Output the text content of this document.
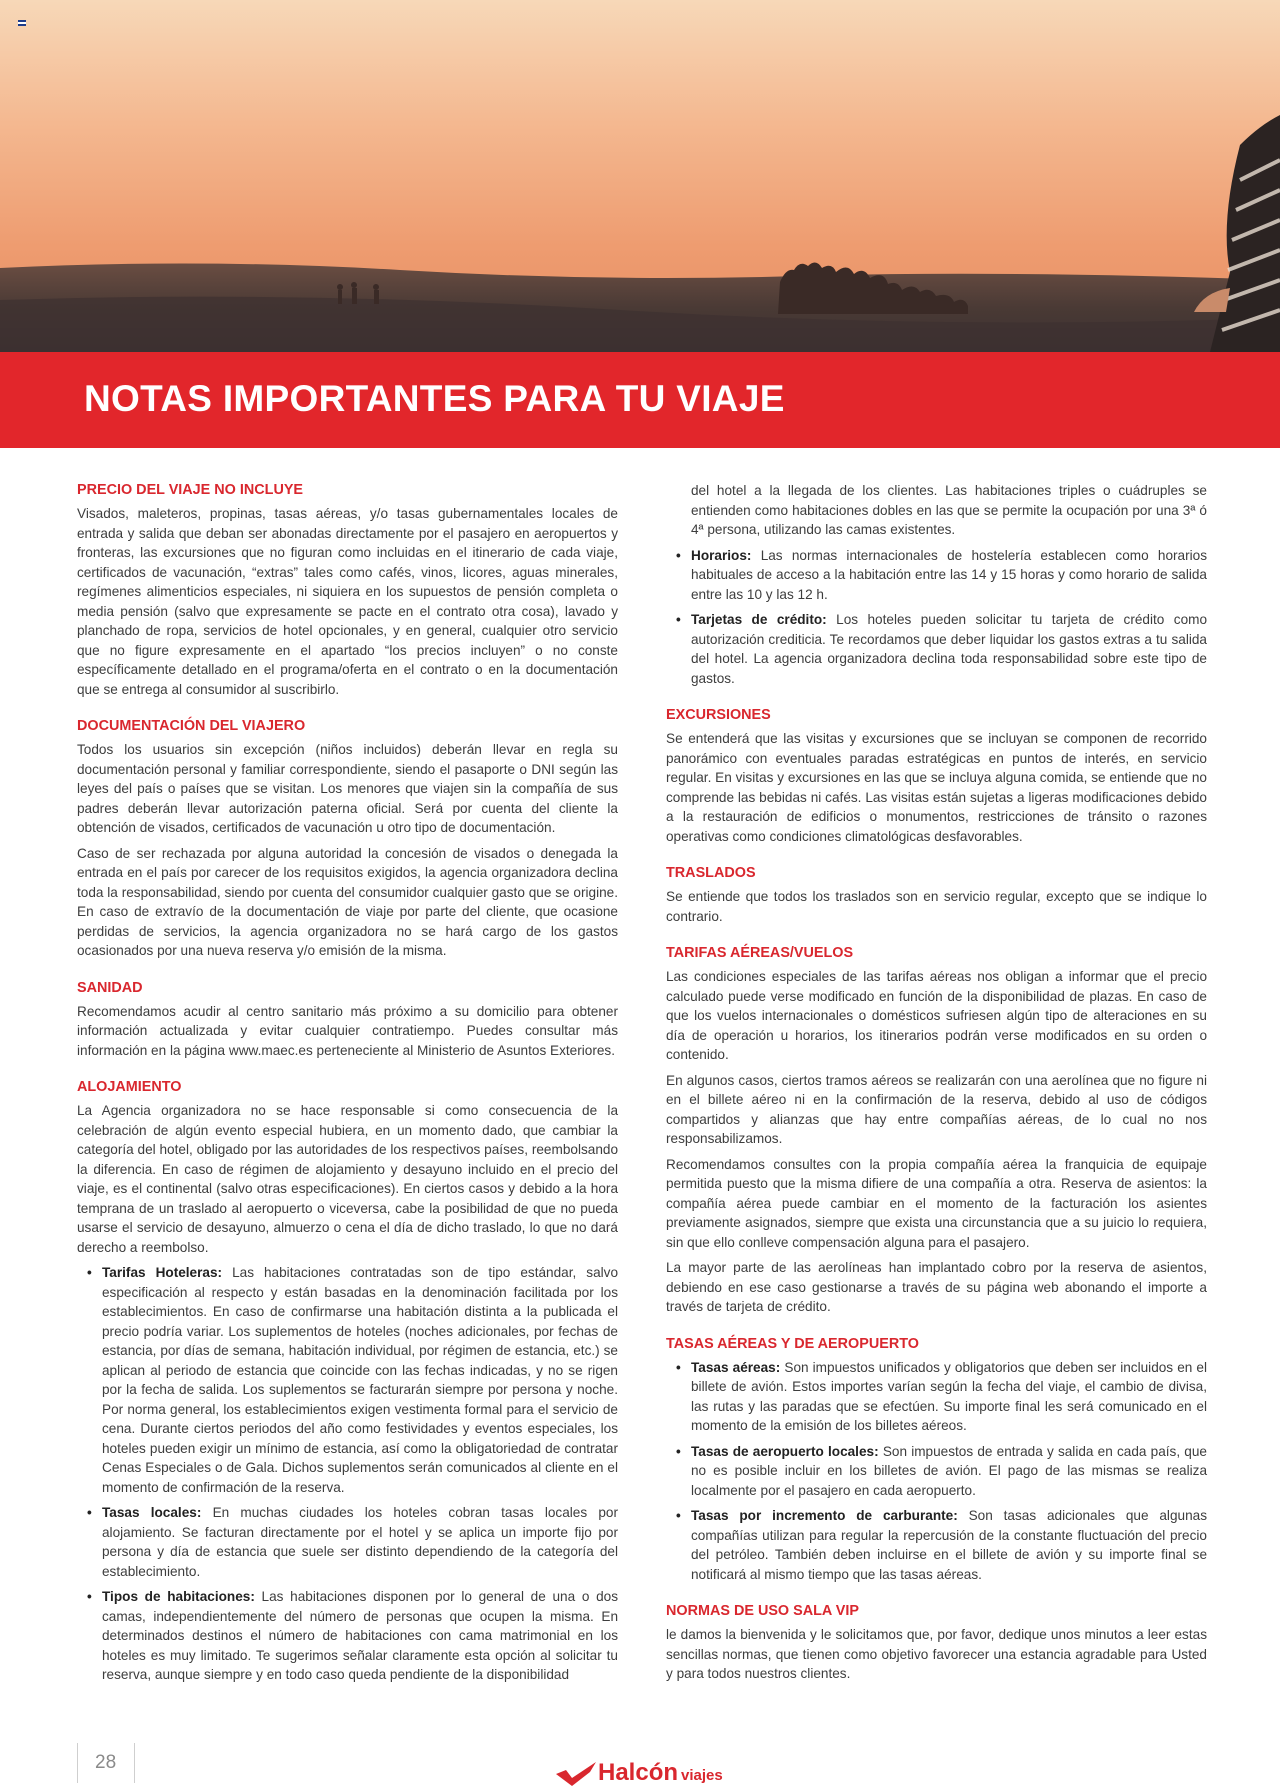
NOTAS IMPORTANTES PARA TU VIAJE
PRECIO DEL VIAJE NO INCLUYE

Visados, maleteros, propinas, tasas aéreas, y/o tasas gubernamentales locales de entrada y salida que deban ser abonadas directamente por el pasajero en aeropuertos y fronteras, las excursiones que no figuran como incluidas en el itinerario de cada viaje, certificados de vacunación, “extras” tales como cafés, vinos, licores, aguas minerales, regímenes alimenticios especiales, ni siquiera en los supuestos de pensión completa o media pensión (salvo que expresamente se pacte en el contrato otra cosa), lavado y planchado de ropa, servicios de hotel opcionales, y en general, cualquier otro servicio que no figure expresamente en el apartado “los precios incluyen” o no conste específicamente detallado en el programa/oferta en el contrato o en la documentación que se entrega al consumidor al suscribirlo.

DOCUMENTACIÓN DEL VIAJERO

Todos los usuarios sin excepción (niños incluidos) deberán llevar en regla su documentación personal y familiar correspondiente, siendo el pasaporte o DNI según las leyes del país o países que se visitan. Los menores que viajen sin la compañía de sus padres deberán llevar autorización paterna oficial. Será por cuenta del cliente la obtención de visados, certificados de vacunación u otro tipo de documentación.

Caso de ser rechazada por alguna autoridad la concesión de visados o denegada la entrada en el país por carecer de los requisitos exigidos, la agencia organizadora declina toda la responsabilidad, siendo por cuenta del consumidor cualquier gasto que se origine. En caso de extravío de la documentación de viaje por parte del cliente, que ocasione perdidas de servicios, la agencia organizadora no se hará cargo de los gastos ocasionados por una nueva reserva y/o emisión de la misma.

SANIDAD

Recomendamos acudir al centro sanitario más próximo a su domicilio para obtener información actualizada y evitar cualquier contratiempo. Puedes consultar más información en la página www.maec.es perteneciente al Ministerio de Asuntos Exteriores.

ALOJAMIENTO

La Agencia organizadora no se hace responsable si como consecuencia de la celebración de algún evento especial hubiera, en un momento dado, que cambiar la categoría del hotel, obligado por las autoridades de los respectivos países, reembolsando la diferencia. En caso de régimen de alojamiento y desayuno incluido en el precio del viaje, es el continental (salvo otras especificaciones). En ciertos casos y debido a la hora temprana de un traslado al aeropuerto o viceversa, cabe la posibilidad de que no pueda usarse el servicio de desayuno, almuerzo o cena el día de dicho traslado, lo que no dará derecho a reembolso.

• Tarifas Hoteleras: Las habitaciones contratadas son de tipo estándar, salvo especificación al respecto y están basadas en la denominación facilitada por los establecimientos. En caso de confirmarse una habitación distinta a la publicada el precio podría variar. Los suplementos de hoteles (noches adicionales, por fechas de estancia, por días de semana, habitación individual, por régimen de estancia, etc.) se aplican al periodo de estancia que coincide con las fechas indicadas, y no se rigen por la fecha de salida. Los suplementos se facturarán siempre por persona y noche. Por norma general, los establecimientos exigen vestimenta formal para el servicio de cena. Durante ciertos periodos del año como festividades y eventos especiales, los hoteles pueden exigir un mínimo de estancia, así como la obligatoriedad de contratar Cenas Especiales o de Gala. Dichos suplementos serán comunicados al cliente en el momento de confirmación de la reserva.
• Tasas locales: En muchas ciudades los hoteles cobran tasas locales por alojamiento. Se facturan directamente por el hotel y se aplica un importe fijo por persona y día de estancia que suele ser distinto dependiendo de la categoría del establecimiento.
• Tipos de habitaciones: Las habitaciones disponen por lo general de una o dos camas, independientemente del número de personas que ocupen la misma. En determinados destinos el número de habitaciones con cama matrimonial en los hoteles es muy limitado. Te sugerimos señalar claramente esta opción al solicitar tu reserva, aunque siempre y en todo caso queda pendiente de la disponibilidad
del hotel a la llegada de los clientes. Las habitaciones triples o cuádruples se entienden como habitaciones dobles en las que se permite la ocupación por una 3ª ó 4ª persona, utilizando las camas existentes.
• Horarios: Las normas internacionales de hostelería establecen como horarios habituales de acceso a la habitación entre las 14 y 15 horas y como horario de salida entre las 10 y las 12 h.
• Tarjetas de crédito: Los hoteles pueden solicitar tu tarjeta de crédito como autorización crediticia. Te recordamos que deber liquidar los gastos extras a tu salida del hotel. La agencia organizadora declina toda responsabilidad sobre este tipo de gastos.
EXCURSIONES

Se entenderá que las visitas y excursiones que se incluyan se componen de recorrido panorámico con eventuales paradas estratégicas en puntos de interés, en servicio regular. En visitas y excursiones en las que se incluya alguna comida, se entiende que no comprende las bebidas ni cafés. Las visitas están sujetas a ligeras modificaciones debido a la restauración de edificios o monumentos, restricciones de tránsito o razones operativas como condiciones climatológicas desfavorables.

TRASLADOS

Se entiende que todos los traslados son en servicio regular, excepto que se indique lo contrario.

TARIFAS AÉREAS/VUELOS

Las condiciones especiales de las tarifas aéreas nos obligan a informar que el precio calculado puede verse modificado en función de la disponibilidad de plazas. En caso de que los vuelos internacionales o domésticos sufriesen algún tipo de alteraciones en su día de operación u horarios, los itinerarios podrán verse modificados en su orden o contenido.

En algunos casos, ciertos tramos aéreos se realizarán con una aerolínea que no figure ni en el billete aéreo ni en la confirmación de la reserva, debido al uso de códigos compartidos y alianzas que hay entre compañías aéreas, de lo cual no nos responsabilizamos.

Recomendamos consultes con la propia compañía aérea la franquicia de equipaje permitida puesto que la misma difiere de una compañía a otra. Reserva de asientos: la compañía aérea puede cambiar en el momento de la facturación los asientes previamente asignados, siempre que exista una circunstancia que a su juicio lo requiera, sin que ello conlleve compensación alguna para el pasajero.

La mayor parte de las aerolíneas han implantado cobro por la reserva de asientos, debiendo en ese caso gestionarse a través de su página web abonando el importe a través de tarjeta de crédito.

TASAS AÉREAS Y DE AEROPUERTO
• Tasas aéreas: Son impuestos unificados y obligatorios que deben ser incluidos en el billete de avión. Estos importes varían según la fecha del viaje, el cambio de divisa, las rutas y las paradas que se efectúen. Su importe final les será comunicado en el momento de la emisión de los billetes aéreos.
• Tasas de aeropuerto locales: Son impuestos de entrada y salida en cada país, que no es posible incluir en los billetes de avión. El pago de las mismas se realiza localmente por el pasajero en cada aeropuerto.
• Tasas por incremento de carburante: Son tasas adicionales que algunas compañías utilizan para regular la repercusión de la constante fluctuación del precio del petróleo. También deben incluirse en el billete de avión y su importe final se notificará al mismo tiempo que las tasas aéreas.
NORMAS DE USO SALA VIP

le damos la bienvenida y le solicitamos que, por favor, dedique unos minutos a leer estas sencillas normas, que tienen como objetivo favorecer una estancia agradable para Usted y para todos nuestros clientes.

28	Halcón viajes
